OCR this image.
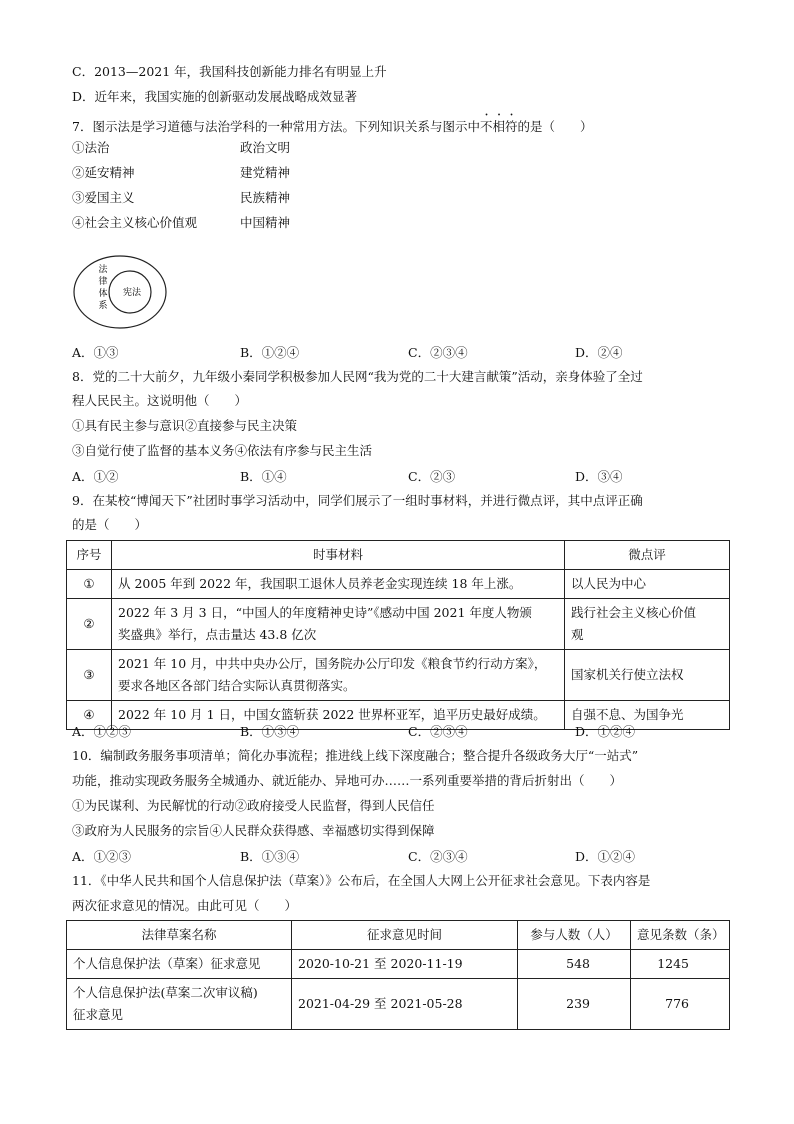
C．2013—2021 年，我国科技创新能力排名有明显上升
D．近年来，我国实施的创新驱动发展战略成效显著
7．图示法是学习道德与法治学科的一种常用方法。下列知识关系与图示中不相符的是（　　）
①法治	政治文明
②延安精神	建党精神
③爱国主义	民族精神
④社会主义核心价值观	中国精神
法
律
体
系
宪法
A．①③	B．①②④	C．②③④	D．②④
8．党的二十大前夕，九年级小秦同学积极参加人民网“我为党的二十大建言献策”活动，亲身体验了全过
程人民民主。这说明他（　　）
①具有民主参与意识②直接参与民主决策
③自觉行使了监督的基本义务④依法有序参与民主生活
A．①②	B．①④	C．②③	D．③④
9．在某校“博闻天下”社团时事学习活动中，同学们展示了一组时事材料，并进行微点评，其中点评正确
的是（　　）
序号	时事材料	微点评
①	从 2005 年到 2022 年，我国职工退休人员养老金实现连续 18 年上涨。	以人民为中心
②	2022 年 3 月 3 日，“中国人的年度精神史诗”《感动中国 2021 年度人物颁
奖盛典》举行，点击量达 43.8 亿次	践行社会主义核心价值
观
③	2021 年 10 月，中共中央办公厅，国务院办公厅印发《粮食节约行动方案》，
要求各地区各部门结合实际认真贯彻落实。	国家机关行使立法权
④	2022 年 10 月 1 日，中国女篮斩获 2022 世界杯亚军，追平历史最好成绩。	自强不息、为国争光
A．①②③	B．①③④	C．②③④	D．①②④
10．编制政务服务事项清单；简化办事流程；推进线上线下深度融合；整合提升各级政务大厅“一站式”
功能，推动实现政务服务全城通办、就近能办、异地可办……一系列重要举措的背后折射出（　　）
①为民谋利、为民解忧的行动②政府接受人民监督，得到人民信任
③政府为人民服务的宗旨④人民群众获得感、幸福感切实得到保障
A．①②③	B．①③④	C．②③④	D．①②④
11．《中华人民共和国个人信息保护法（草案）》公布后，在全国人大网上公开征求社会意见。下表内容是
两次征求意见的情况。由此可见（　　）
法律草案名称	征求意见时间	参与人数（人）	意见条数（条）
个人信息保护法（草案）征求意见	2020-10-21 至 2020-11-19	548	1245
个人信息保护法(草案二次审议稿)
征求意见	2021-04-29 至 2021-05-28	239	776
